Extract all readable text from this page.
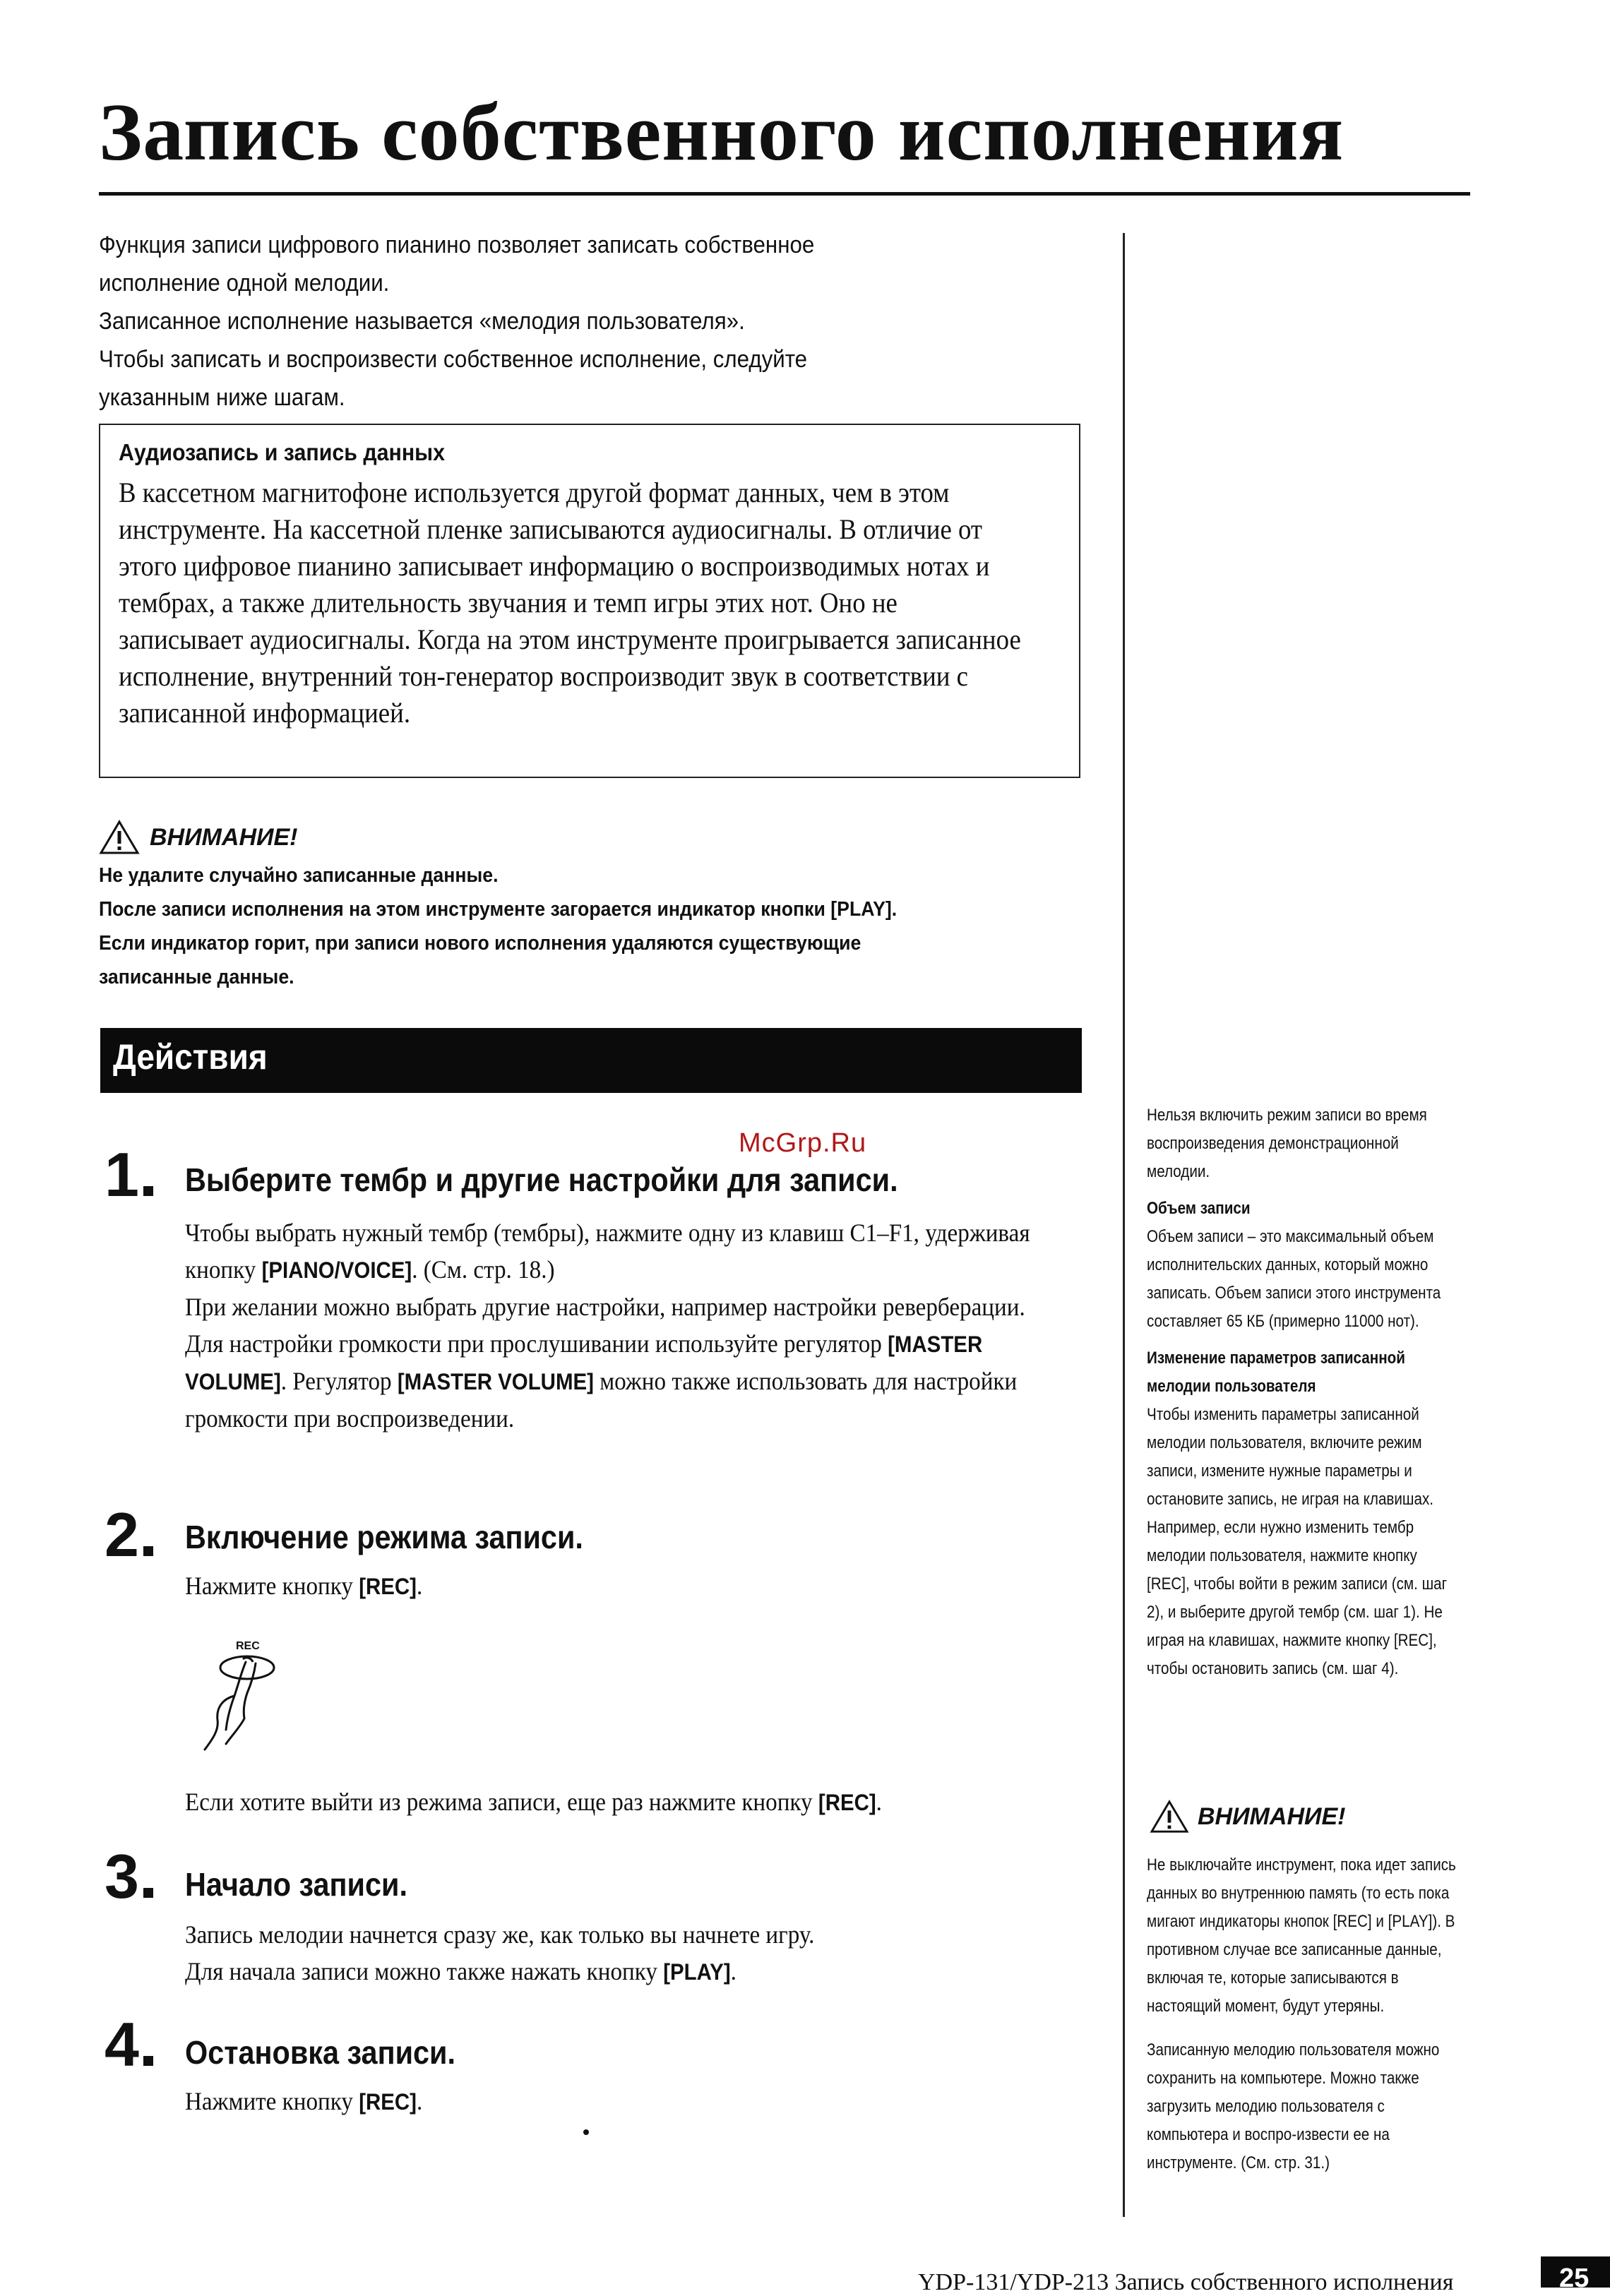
Запись собственного исполнения

Функция записи цифрового пианино позволяет записать собственное

исполнение одной мелодии.

Записанное исполнение называется «мелодия пользователя».

Чтобы записать и воспроизвести собственное исполнение, следуйте

указанным ниже шагам.

Аудиозапись и запись данных
В кассетном магнитофоне используется другой формат данных, чем в этом инструменте. На кассетной пленке записываются аудиосигналы. В отличие от этого цифровое пианино записывает информацию о воспроизводимых нотах и тембрах, а также длительность звучания и темп игры этих нот. Оно не записывает аудиосигналы. Когда на этом инструменте проигрывается записанное исполнение, внутренний тон-генератор воспроизводит звук в соответствии с записанной информацией.
ВНИМАНИЕ!

Не удалите случайно записанные данные.

После записи исполнения на этом инструменте загорается индикатор кнопки [PLAY].

Если индикатор горит, при записи нового исполнения удаляются существующие

записанные данные.

Действия
McGrp.Ru
1	Выберите тембр и другие настройки для записи.

Чтобы выбрать нужный тембр (тембры), нажмите одну из клавиш C1–F1, удерживая кнопку [PIANO/VOICE]. (См. стр. 18.)

При желании можно выбрать другие настройки, например настройки реверберации.

Для настройки громкости при прослушивании используйте регулятор [MASTER VOLUME]. Регулятор [MASTER VOLUME] можно также использовать для настройки громкости при воспроизведении.

2	Включение режима записи.

Нажмите кнопку [REC].

REC

Если хотите выйти из режима записи, еще раз нажмите кнопку [REC].

3	Начало записи.

Запись мелодии начнется сразу же, как только вы начнете игру.

Для начала записи можно также нажать кнопку [PLAY].

4	Остановка записи.

Нажмите кнопку [REC].

Нельзя включить режим записи во время воспроизведения демонстрационной мелодии.

Объем записи

Объем записи – это максимальный объем исполнительских данных, который можно записать. Объем записи этого инструмента составляет 65 КБ (примерно 11000 нот).

Изменение параметров записанной мелодии пользователя

Чтобы изменить параметры записанной мелодии пользователя, включите режим записи, измените нужные параметры и остановите запись, не играя на клавишах. Например, если нужно изменить тембр мелодии пользователя, нажмите кнопку [REC], чтобы войти в режим записи (см. шаг 2), и выберите другой тембр (см. шаг 1). Не играя на клавишах, нажмите кнопку [REC], чтобы остановить запись (см. шаг 4).

ВНИМАНИЕ!

Не выключайте инструмент, пока идет запись данных во внутреннюю память (то есть пока мигают индикаторы кнопок [REC] и [PLAY]). В противном случае все записанные данные, включая те, которые записываются в настоящий момент, будут утеряны.

Записанную мелодию пользователя можно сохранить на компьютере. Можно также загрузить мелодию пользователя с компьютера и воспро-извести ее на инструменте. (См. стр. 31.)

YDP-131/YDP-213 Запись собственного исполнения	25
